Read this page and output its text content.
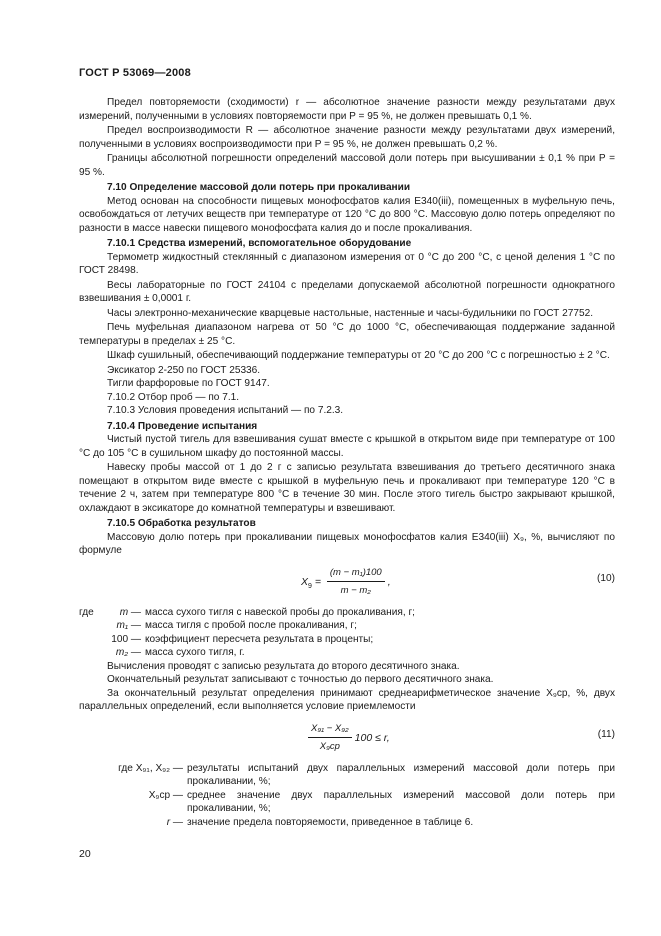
ГОСТ Р 53069—2008

Предел повторяемости (сходимости) r — абсолютное значение разности между результатами двух измерений, полученными в условиях повторяемости при P = 95 %, не должен превышать 0,1 %.

Предел воспроизводимости R — абсолютное значение разности между результатами двух измерений, полученными в условиях воспроизводимости при P = 95 %, не должен превышать 0,2 %.

Границы абсолютной погрешности определений массовой доли потерь при высушивании ± 0,1 % при P = 95 %.

7.10 Определение массовой доли потерь при прокаливании

Метод основан на способности пищевых монофосфатов калия E340(iii), помещенных в муфельную печь, освобождаться от летучих веществ при температуре от 120 °C до 800 °C. Массовую долю потерь определяют по разности в массе навески пищевого монофосфата калия до и после прокаливания.

7.10.1 Средства измерений, вспомогательное оборудование

Термометр жидкостный стеклянный с диапазоном измерения от 0 °C до 200 °C, с ценой деления 1 °C по ГОСТ 28498.

Весы лабораторные по ГОСТ 24104 с пределами допускаемой абсолютной погрешности однократного взвешивания ± 0,0001 г.

Часы электронно-механические кварцевые настольные, настенные и часы-будильники по ГОСТ 27752.

Печь муфельная диапазоном нагрева от 50 °C до 1000 °C, обеспечивающая поддержание заданной температуры в пределах ± 25 °C.

Шкаф сушильный, обеспечивающий поддержание температуры от 20 °C до 200 °C с погрешностью ± 2 °C.

Эксикатор 2-250 по ГОСТ 25336.

Тигли фарфоровые по ГОСТ 9147.

7.10.2 Отбор проб — по 7.1.

7.10.3 Условия проведения испытаний — по 7.2.3.

7.10.4 Проведение испытания

Чистый пустой тигель для взвешивания сушат вместе с крышкой в открытом виде при температуре от 100 °C до 105 °C в сушильном шкафу до постоянной массы.

Навеску пробы массой от 1 до 2 г с записью результата взвешивания до третьего десятичного знака помещают в открытом виде вместе с крышкой в муфельную печь и прокаливают при температуре 120 °C в течение 2 ч, затем при температуре 800 °C в течение 30 мин. После этого тигель быстро закрывают крышкой, охлаждают в эксикаторе до комнатной температуры и взвешивают.

7.10.5 Обработка результатов

Массовую долю потерь при прокаливании пищевых монофосфатов калия E340(iii) X₉, %, вычисляют по формуле

$X_9 = \frac{\text{(m − m₁)100}}{\text{m − m₂}}$ ,	(10)
где	m — масса сухого тигля с навеской пробы до прокаливания, г;
m₁ — масса тигля с пробой после прокаливания, г;
100 — коэффициент пересчета результата в проценты;
m₂ — масса сухого тигля, г.

Вычисления проводят с записью результата до второго десятичного знака.

Окончательный результат записывают с точностью до первого десятичного знака.

За окончательный результат определения принимают среднеарифметическое значение X₉ср, %, двух параллельных определений, если выполняется условие приемлемости

$\frac{\text{X₉₁ − X₉₂}}{\text{X₉ср}} 100 \le r$,	(11)
где X₉₁, X₉₂ — результаты испытаний двух параллельных измерений массовой доли потерь при прокаливании, %;
X₉ср — среднее значение двух параллельных измерений массовой доли потерь при прокаливании, %;
r — значение предела повторяемости, приведенное в таблице 6.
20
